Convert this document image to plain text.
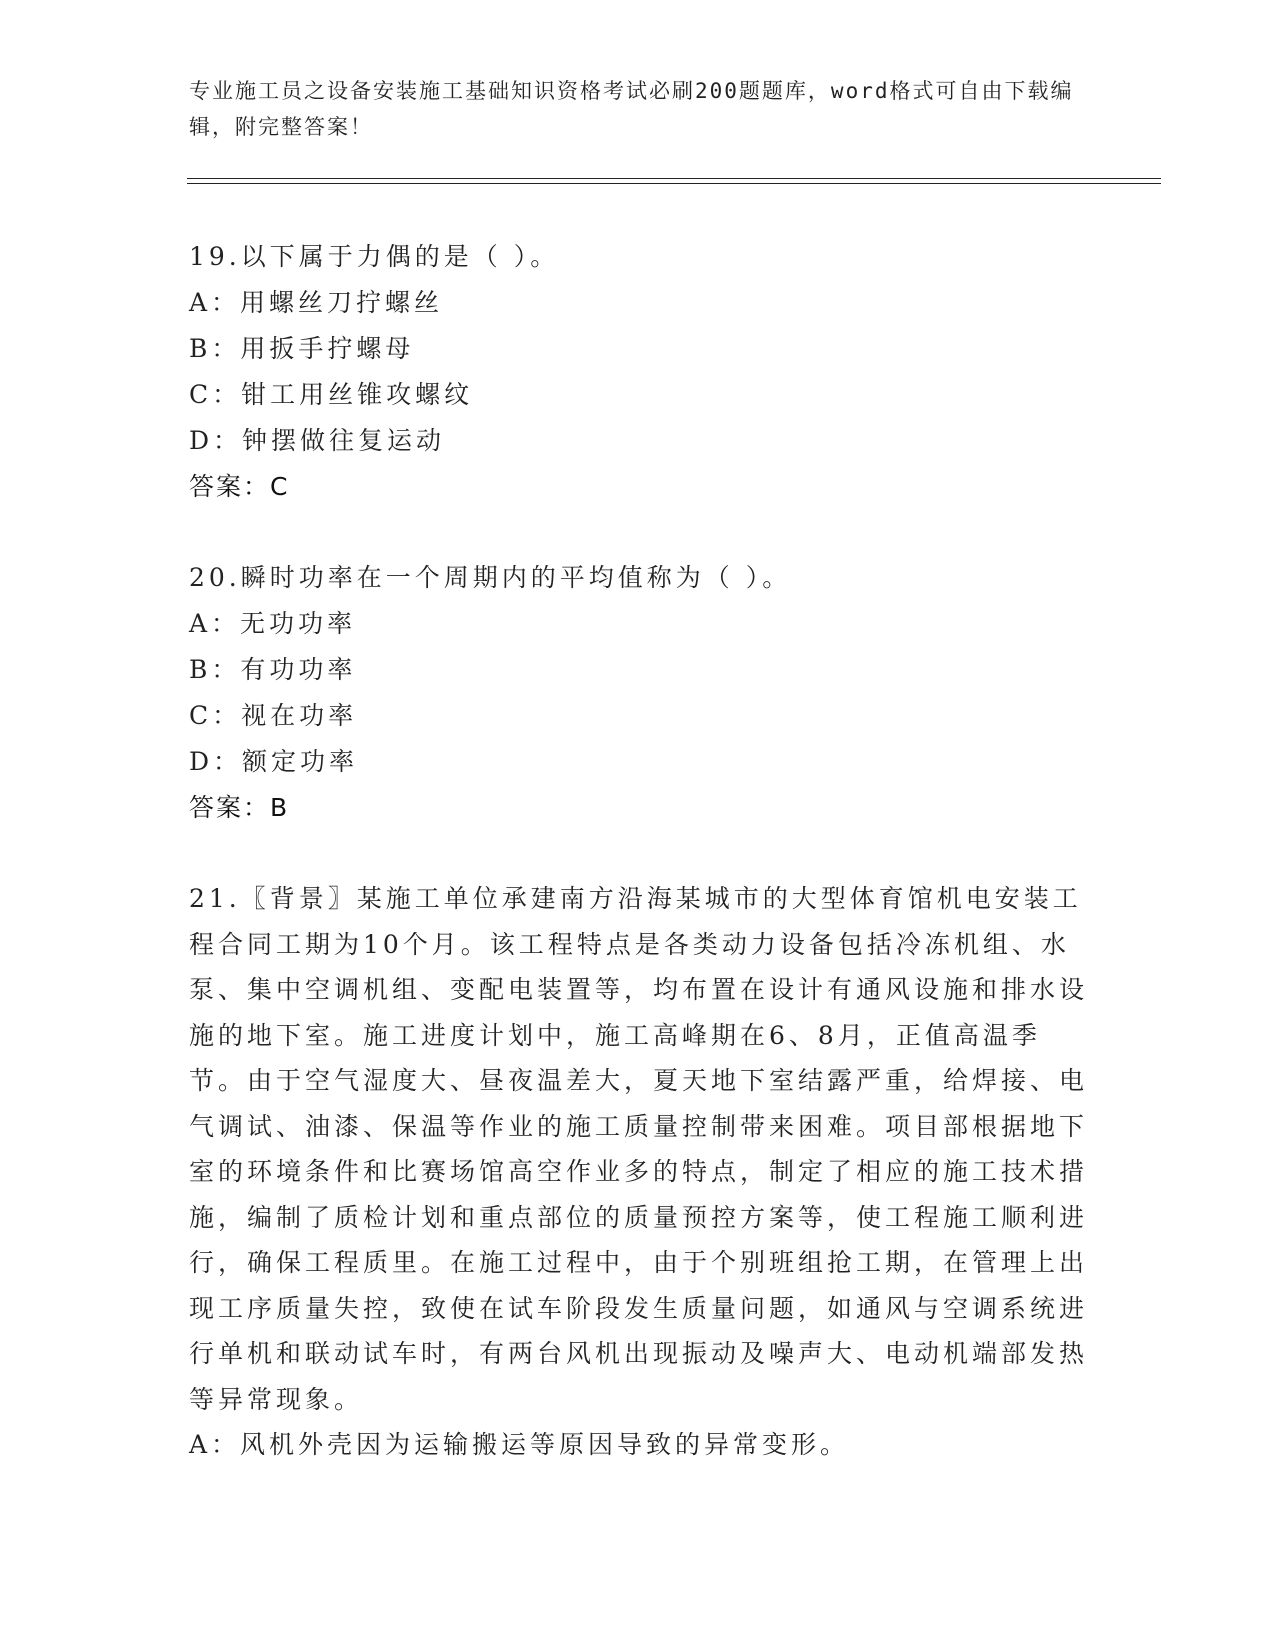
专业施工员之设备安装施工基础知识资格考试必刷200题题库，word格式可自由下载编辑，附完整答案！
19.以下属于力偶的是（ ）。
A：用螺丝刀拧螺丝
B：用扳手拧螺母
C：钳工用丝锥攻螺纹
D：钟摆做往复运动
答案：C
20.瞬时功率在一个周期内的平均值称为（ ）。
A：无功功率
B：有功功率
C：视在功率
D：额定功率
答案：B
21.〖背景〗某施工单位承建南方沿海某城市的大型体育馆机电安装工程合同工期为10个月。该工程特点是各类动力设备包括冷冻机组、水泵、集中空调机组、变配电装置等，均布置在设计有通风设施和排水设施的地下室。施工进度计划中，施工高峰期在6、8月，正值高温季节。由于空气湿度大、昼夜温差大，夏天地下室结露严重，给焊接、电气调试、油漆、保温等作业的施工质量控制带来困难。项目部根据地下室的环境条件和比赛场馆高空作业多的特点，制定了相应的施工技术措施，编制了质检计划和重点部位的质量预控方案等，使工程施工顺利进行，确保工程质里。在施工过程中，由于个别班组抢工期，在管理上出现工序质量失控，致使在试车阶段发生质量问题，如通风与空调系统进行单机和联动试车时，有两台风机出现振动及噪声大、电动机端部发热等异常现象。
A：风机外壳因为运输搬运等原因导致的异常变形。
